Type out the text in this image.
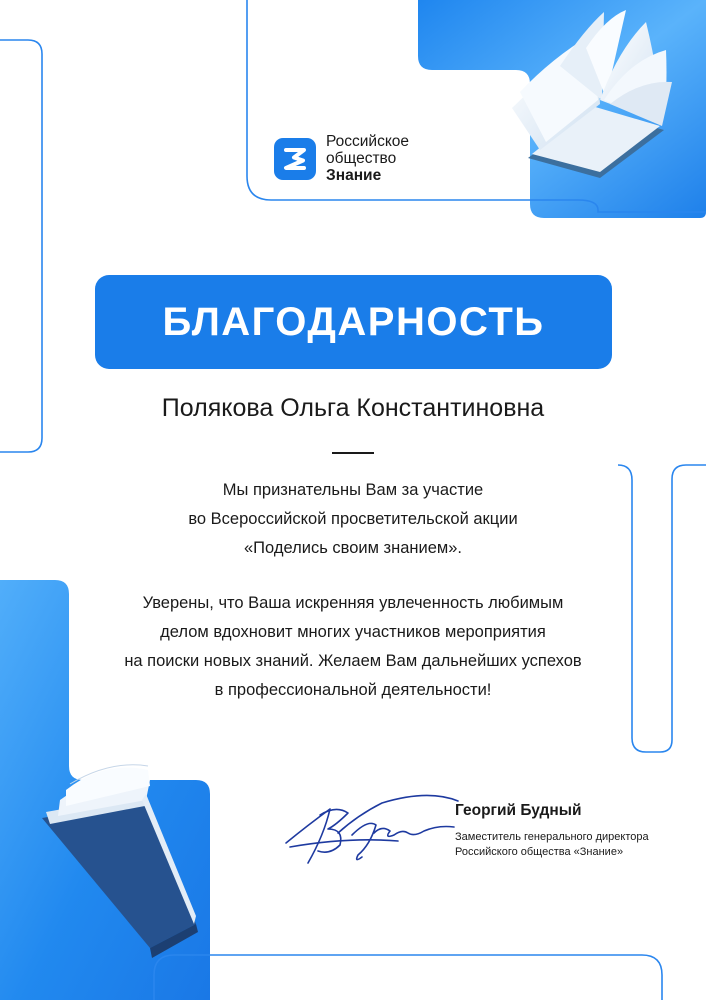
Российское
общество
Знание
БЛАГОДАРНОСТЬ
Полякова Ольга Константиновна
Мы признательны Вам за участие
во Всероссийской просветительской акции
«Поделись своим знанием».
Уверены, что Ваша искренняя увлеченность любимым
делом вдохновит многих участников мероприятия
на поиски новых знаний. Желаем Вам дальнейших успехов
в профессиональной деятельности!
Георгий Будный
Заместитель генерального директора
Российского общества «Знание»
